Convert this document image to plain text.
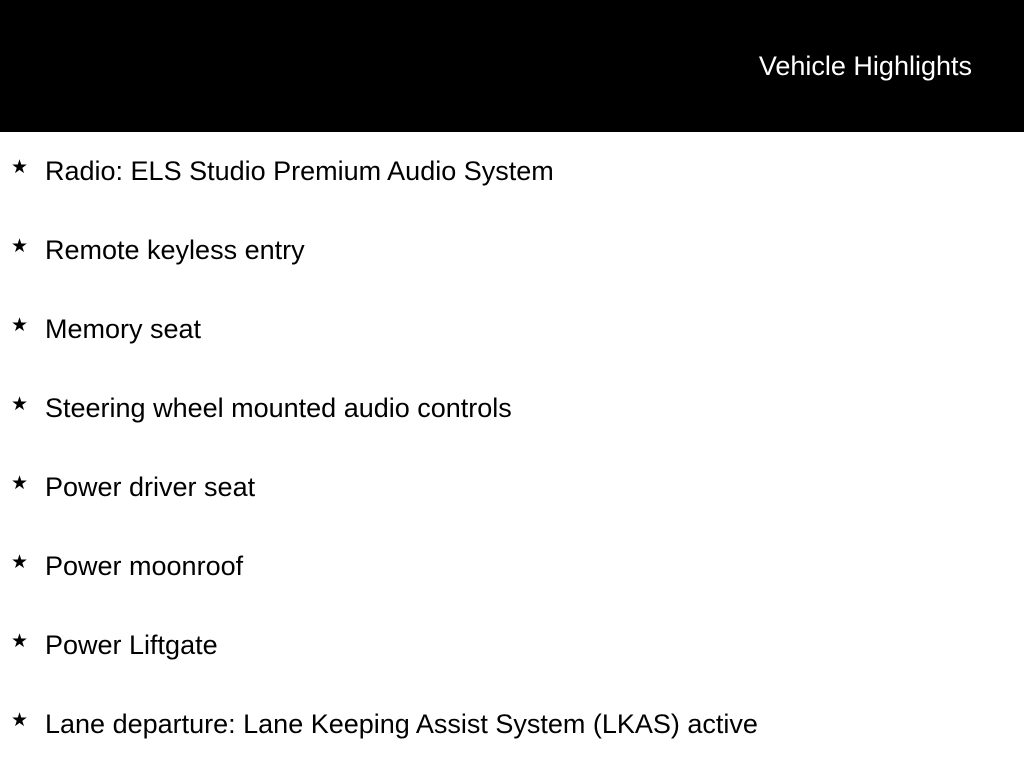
Vehicle Highlights
★ Radio: ELS Studio Premium Audio System
★ Remote keyless entry
★ Memory seat
★ Steering wheel mounted audio controls
★ Power driver seat
★ Power moonroof
★ Power Liftgate
★ Lane departure: Lane Keeping Assist System (LKAS) active
